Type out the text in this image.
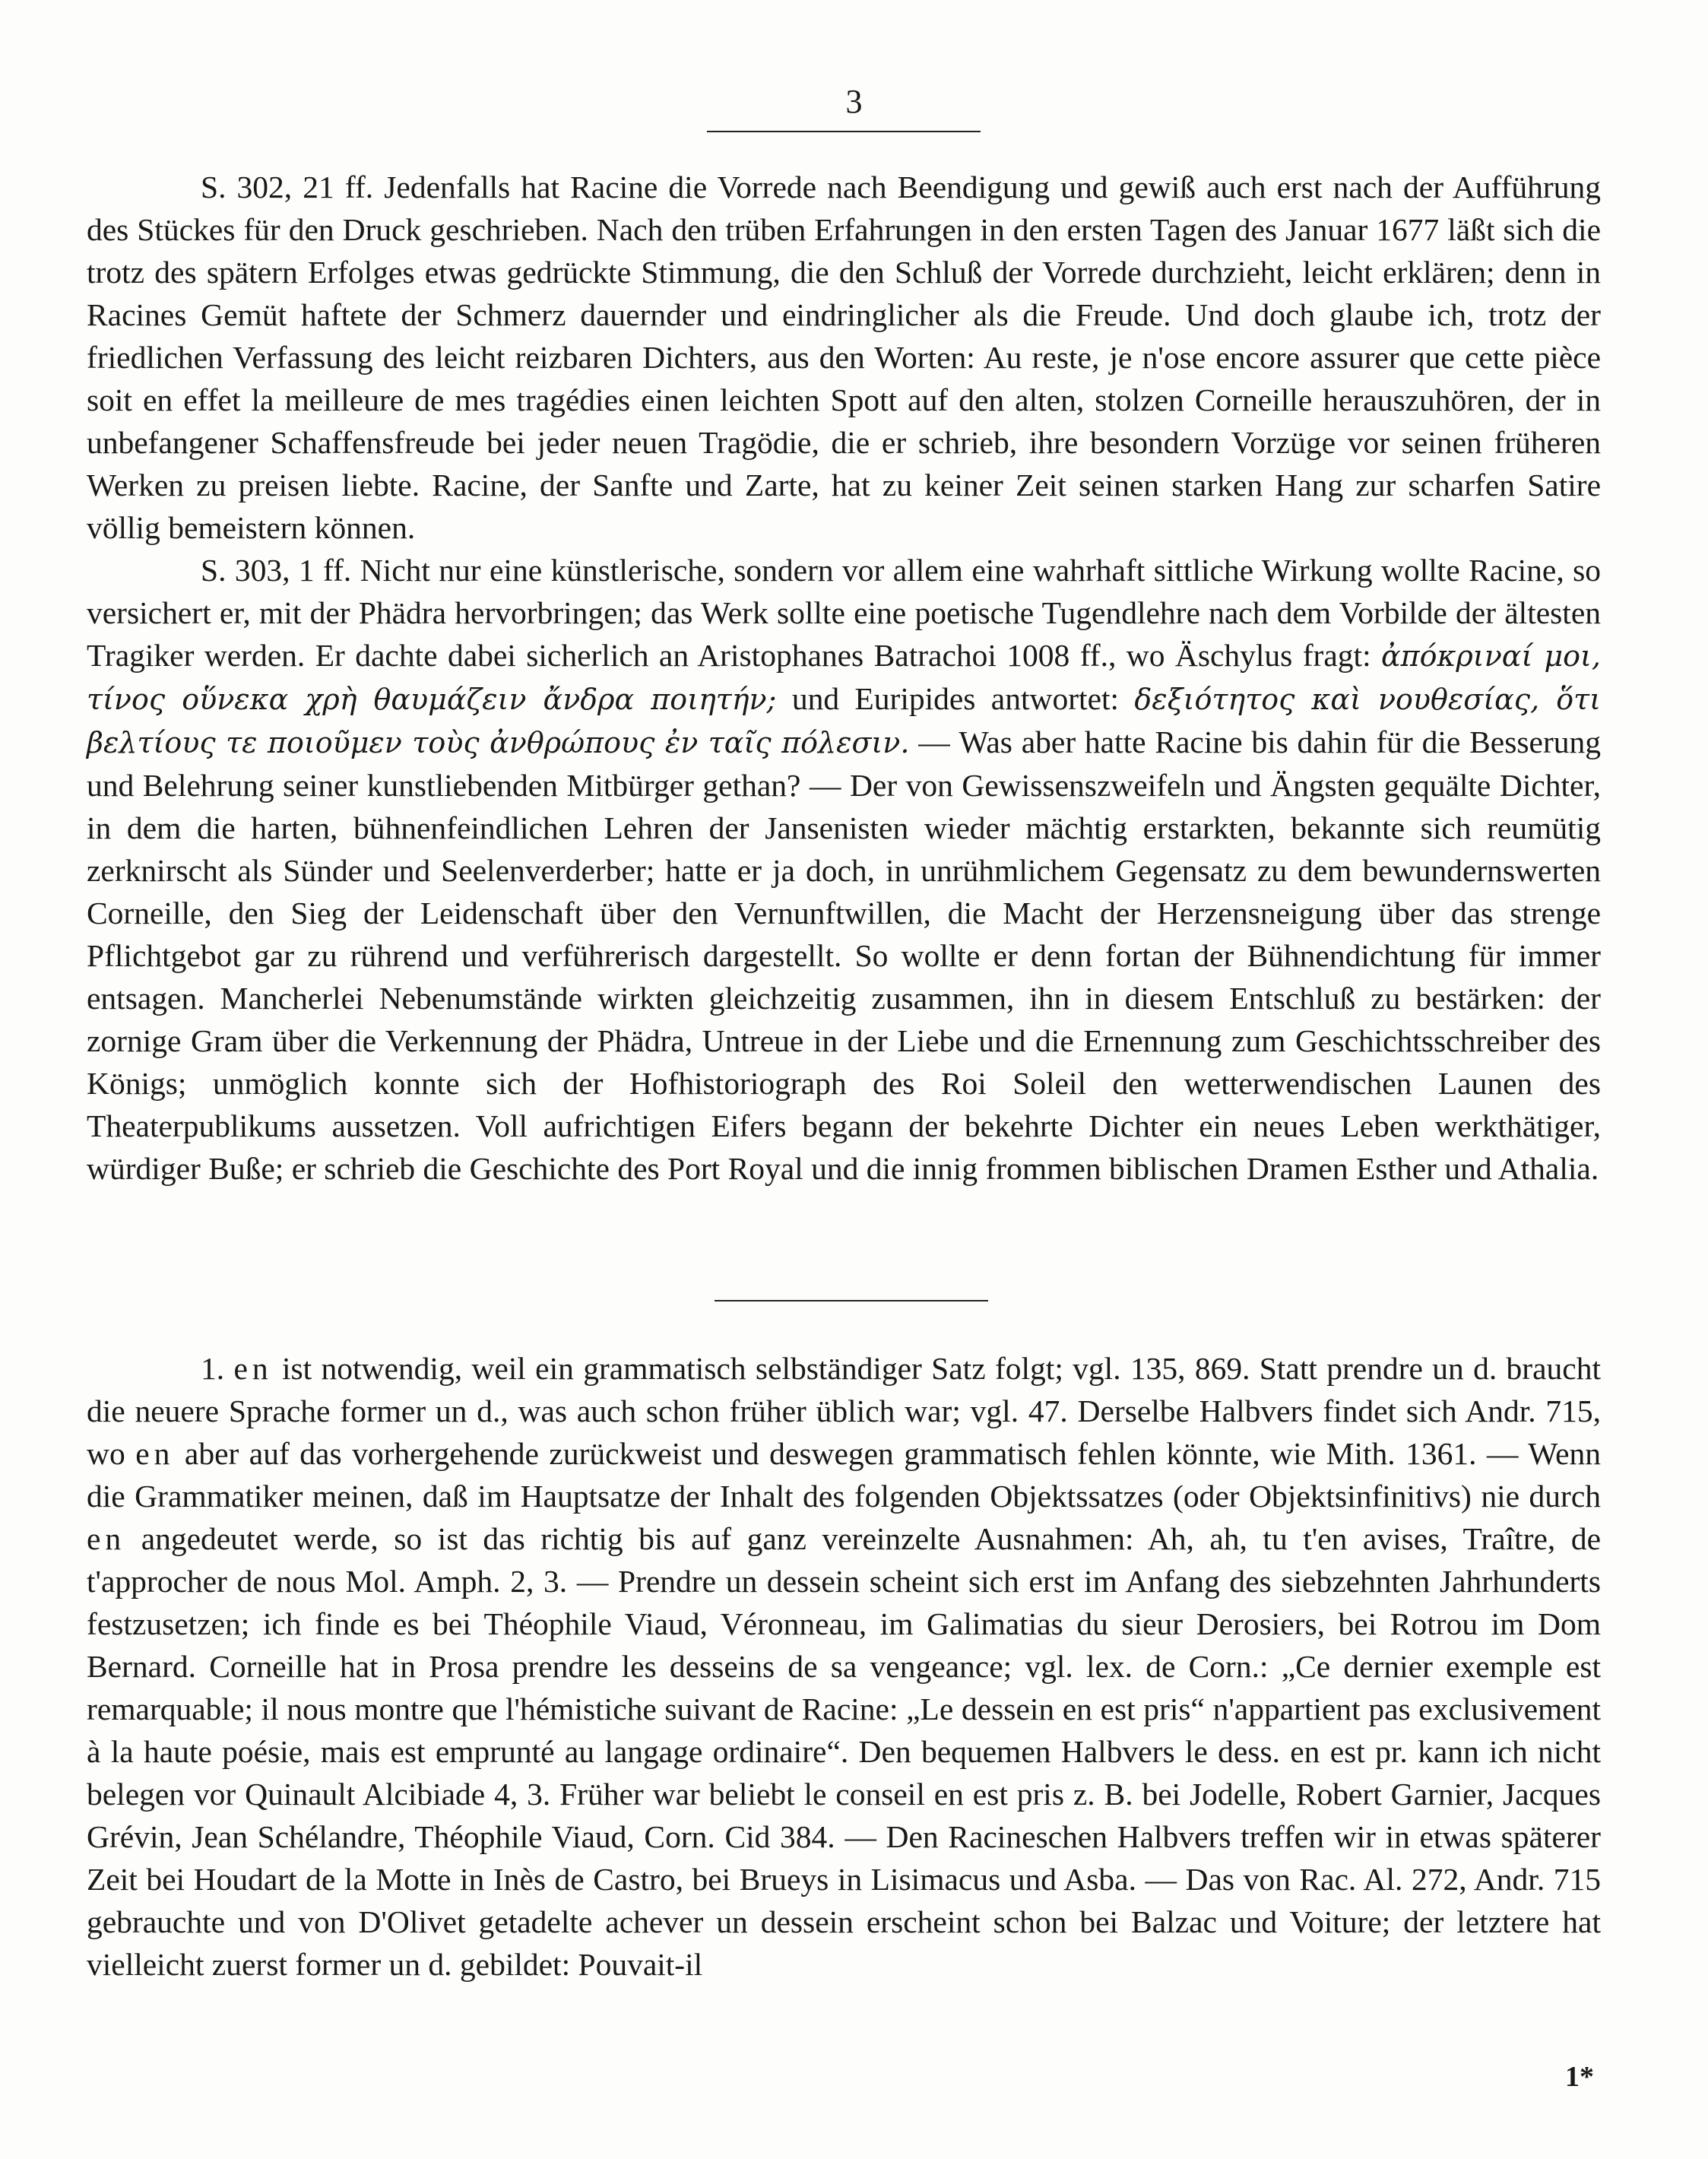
3

S. 302, 21 ff. Jedenfalls hat Racine die Vorrede nach Beendigung und gewiß auch erst nach der Aufführung des Stückes für den Druck geschrieben. Nach den trüben Erfahrungen in den ersten Tagen des Januar 1677 läßt sich die trotz des spätern Erfolges etwas gedrückte Stimmung, die den Schluß der Vorrede durchzieht, leicht erklären; denn in Racines Gemüt haftete der Schmerz dauernder und eindringlicher als die Freude. Und doch glaube ich, trotz der friedlichen Verfassung des leicht reizbaren Dichters, aus den Worten: Au reste, je n'ose encore assurer que cette pièce soit en effet la meilleure de mes tragédies einen leichten Spott auf den alten, stolzen Corneille herauszuhören, der in unbefangener Schaffensfreude bei jeder neuen Tragödie, die er schrieb, ihre besondern Vorzüge vor seinen früheren Werken zu preisen liebte. Racine, der Sanfte und Zarte, hat zu keiner Zeit seinen starken Hang zur scharfen Satire völlig bemeistern können.

S. 303, 1 ff. Nicht nur eine künstlerische, sondern vor allem eine wahrhaft sittliche Wirkung wollte Racine, so versichert er, mit der Phädra hervorbringen; das Werk sollte eine poetische Tugendlehre nach dem Vorbilde der ältesten Tragiker werden. Er dachte dabei sicherlich an Aristophanes Batrachoi 1008 ff., wo Äschylus fragt: ἀπόκριναί μοι, τίνος οὕνεκα χρὴ θαυμάζειν ἄνδρα ποιητήν; und Euripides antwortet: δεξιότητος καὶ νουθεσίας, ὅτι βελτίους τε ποιοῦμεν τοὺς ἀνθρώπους ἐν ταῖς πόλεσιν. — Was aber hatte Racine bis dahin für die Besserung und Belehrung seiner kunstliebenden Mitbürger gethan? — Der von Gewissenszweifeln und Ängsten gequälte Dichter, in dem die harten, bühnenfeindlichen Lehren der Jansenisten wieder mächtig erstarkten, bekannte sich reumütig zerknirscht als Sünder und Seelenverderber; hatte er ja doch, in unrühmlichem Gegensatz zu dem bewundernswerten Corneille, den Sieg der Leidenschaft über den Vernunftwillen, die Macht der Herzensneigung über das strenge Pflichtgebot gar zu rührend und verführerisch dargestellt. So wollte er denn fortan der Bühnendichtung für immer entsagen. Mancherlei Nebenumstände wirkten gleichzeitig zusammen, ihn in diesem Entschluß zu bestärken: der zornige Gram über die Verkennung der Phädra, Untreue in der Liebe und die Ernennung zum Geschichtsschreiber des Königs; unmöglich konnte sich der Hofhistoriograph des Roi Soleil den wetterwendischen Launen des Theaterpublikums aussetzen. Voll aufrichtigen Eifers begann der bekehrte Dichter ein neues Leben werkthätiger, würdiger Buße; er schrieb die Geschichte des Port Royal und die innig frommen biblischen Dramen Esther und Athalia.

1. en ist notwendig, weil ein grammatisch selbständiger Satz folgt; vgl. 135, 869. Statt prendre un d. braucht die neuere Sprache former un d., was auch schon früher üblich war; vgl. 47. Derselbe Halbvers findet sich Andr. 715, wo en aber auf das vorhergehende zurückweist und deswegen grammatisch fehlen könnte, wie Mith. 1361. — Wenn die Grammatiker meinen, daß im Hauptsatze der Inhalt des folgenden Objektssatzes (oder Objektsinfinitivs) nie durch en angedeutet werde, so ist das richtig bis auf ganz vereinzelte Ausnahmen: Ah, ah, tu t'en avises, Traître, de t'approcher de nous Mol. Amph. 2, 3. — Prendre un dessein scheint sich erst im Anfang des siebzehnten Jahrhunderts festzusetzen; ich finde es bei Théophile Viaud, Véronneau, im Galimatias du sieur Derosiers, bei Rotrou im Dom Bernard. Corneille hat in Prosa prendre les desseins de sa vengeance; vgl. lex. de Corn.: „Ce dernier exemple est remarquable; il nous montre que l'hémistiche suivant de Racine: „Le dessein en est pris“ n'appartient pas exclusivement à la haute poésie, mais est emprunté au langage ordinaire“. Den bequemen Halbvers le dess. en est pr. kann ich nicht belegen vor Quinault Alcibiade 4, 3. Früher war beliebt le conseil en est pris z. B. bei Jodelle, Robert Garnier, Jacques Grévin, Jean Schélandre, Théophile Viaud, Corn. Cid 384. — Den Racineschen Halbvers treffen wir in etwas späterer Zeit bei Houdart de la Motte in Inès de Castro, bei Brueys in Lisimacus und Asba. — Das von Rac. Al. 272, Andr. 715 gebrauchte und von D'Olivet getadelte achever un dessein erscheint schon bei Balzac und Voiture; der letztere hat vielleicht zuerst former un d. gebildet: Pouvait-il

1*
